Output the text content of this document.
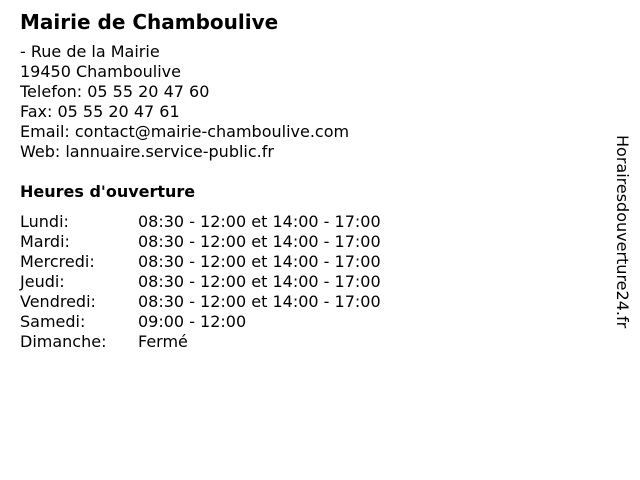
Mairie de Chamboulive
- Rue de la Mairie
19450 Chamboulive
Telefon: 05 55 20 47 60
Fax: 05 55 20 47 61
Email: contact@mairie-chamboulive.com
Web: lannuaire.service-public.fr
Heures d'ouverture
Lundi:	08:30 - 12:00 et 14:00 - 17:00
Mardi:	08:30 - 12:00 et 14:00 - 17:00
Mercredi:	08:30 - 12:00 et 14:00 - 17:00
Jeudi:	08:30 - 12:00 et 14:00 - 17:00
Vendredi:	08:30 - 12:00 et 14:00 - 17:00
Samedi:	09:00 - 12:00
Dimanche: Fermé
Horairesdouverture24.fr
